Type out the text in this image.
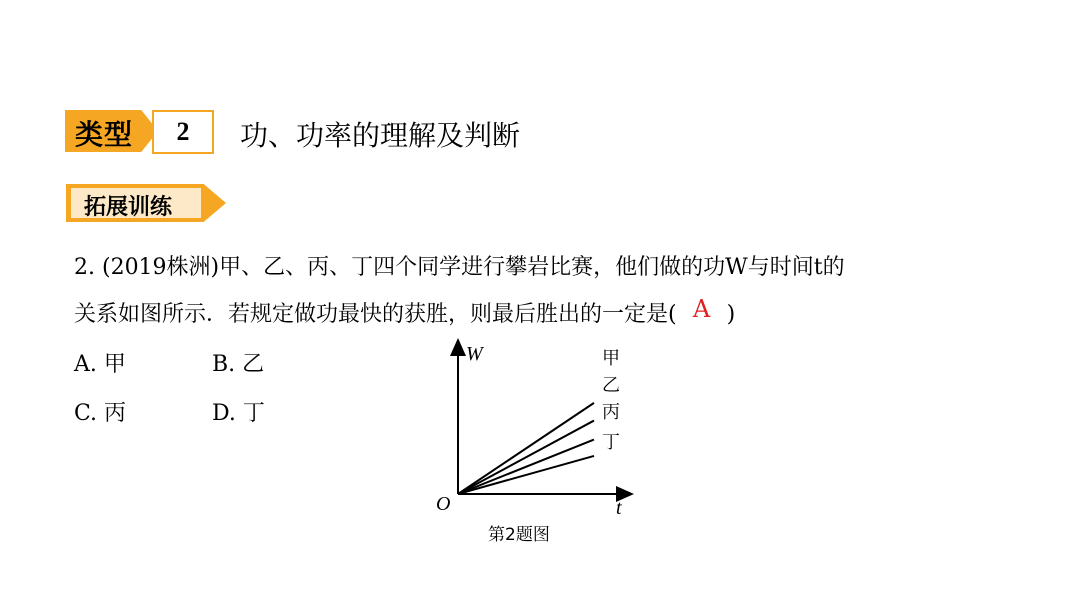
类型	2	功、功率的理解及判断
拓展训练
2. (2019株洲)甲、乙、丙、丁四个同学进行攀岩比赛，他们做的功W与时间t的
关系如图所示．若规定做功最快的获胜，则最后胜出的一定是( A )
A. 甲	B. 乙
C. 丙	D. 丁
W
t
O
甲
乙
丙
丁
第2题图
